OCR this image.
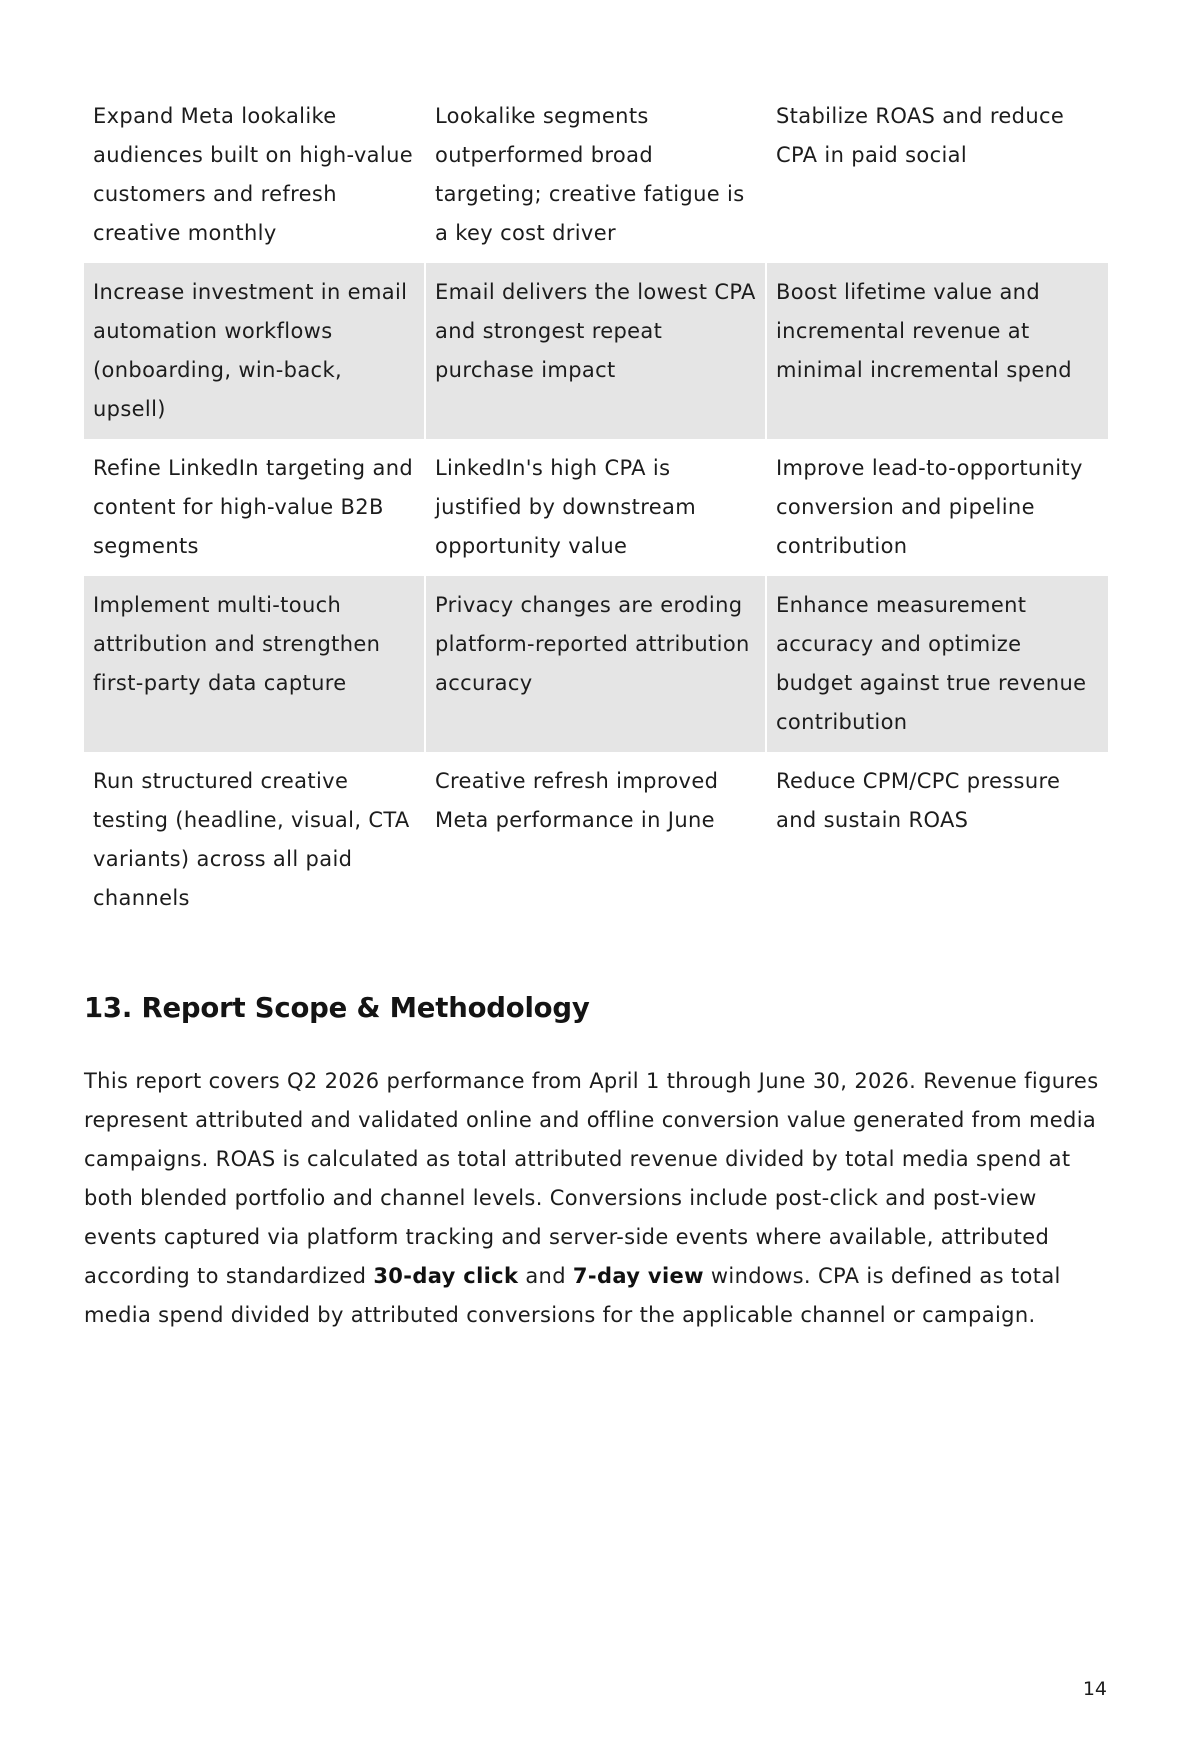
Expand Meta lookalike audiences built on high-value customers and refresh creative monthly	Lookalike segments outperformed broad targeting; creative fatigue is a key cost driver	Stabilize ROAS and reduce CPA in paid social
Increase investment in email automation workflows (onboarding, win-back, upsell)	Email delivers the lowest CPA and strongest repeat purchase impact	Boost lifetime value and incremental revenue at minimal incremental spend
Refine LinkedIn targeting and content for high-value B2B segments	LinkedIn's high CPA is justified by downstream opportunity value	Improve lead-to-opportunity conversion and pipeline contribution
Implement multi-touch attribution and strengthen first-party data capture	Privacy changes are eroding platform-reported attribution accuracy	Enhance measurement accuracy and optimize budget against true revenue contribution
Run structured creative testing (headline, visual, CTA variants) across all paid channels	Creative refresh improved Meta performance in June	Reduce CPM/CPC pressure and sustain ROAS
13. Report Scope & Methodology

This report covers Q2 2026 performance from April 1 through June 30, 2026. Revenue figures represent attributed and validated online and offline conversion value generated from media campaigns. ROAS is calculated as total attributed revenue divided by total media spend at both blended portfolio and channel levels. Conversions include post-click and post-view events captured via platform tracking and server-side events where available, attributed according to standardized 30-day click and 7-day view windows. CPA is defined as total media spend divided by attributed conversions for the applicable channel or campaign.

14
